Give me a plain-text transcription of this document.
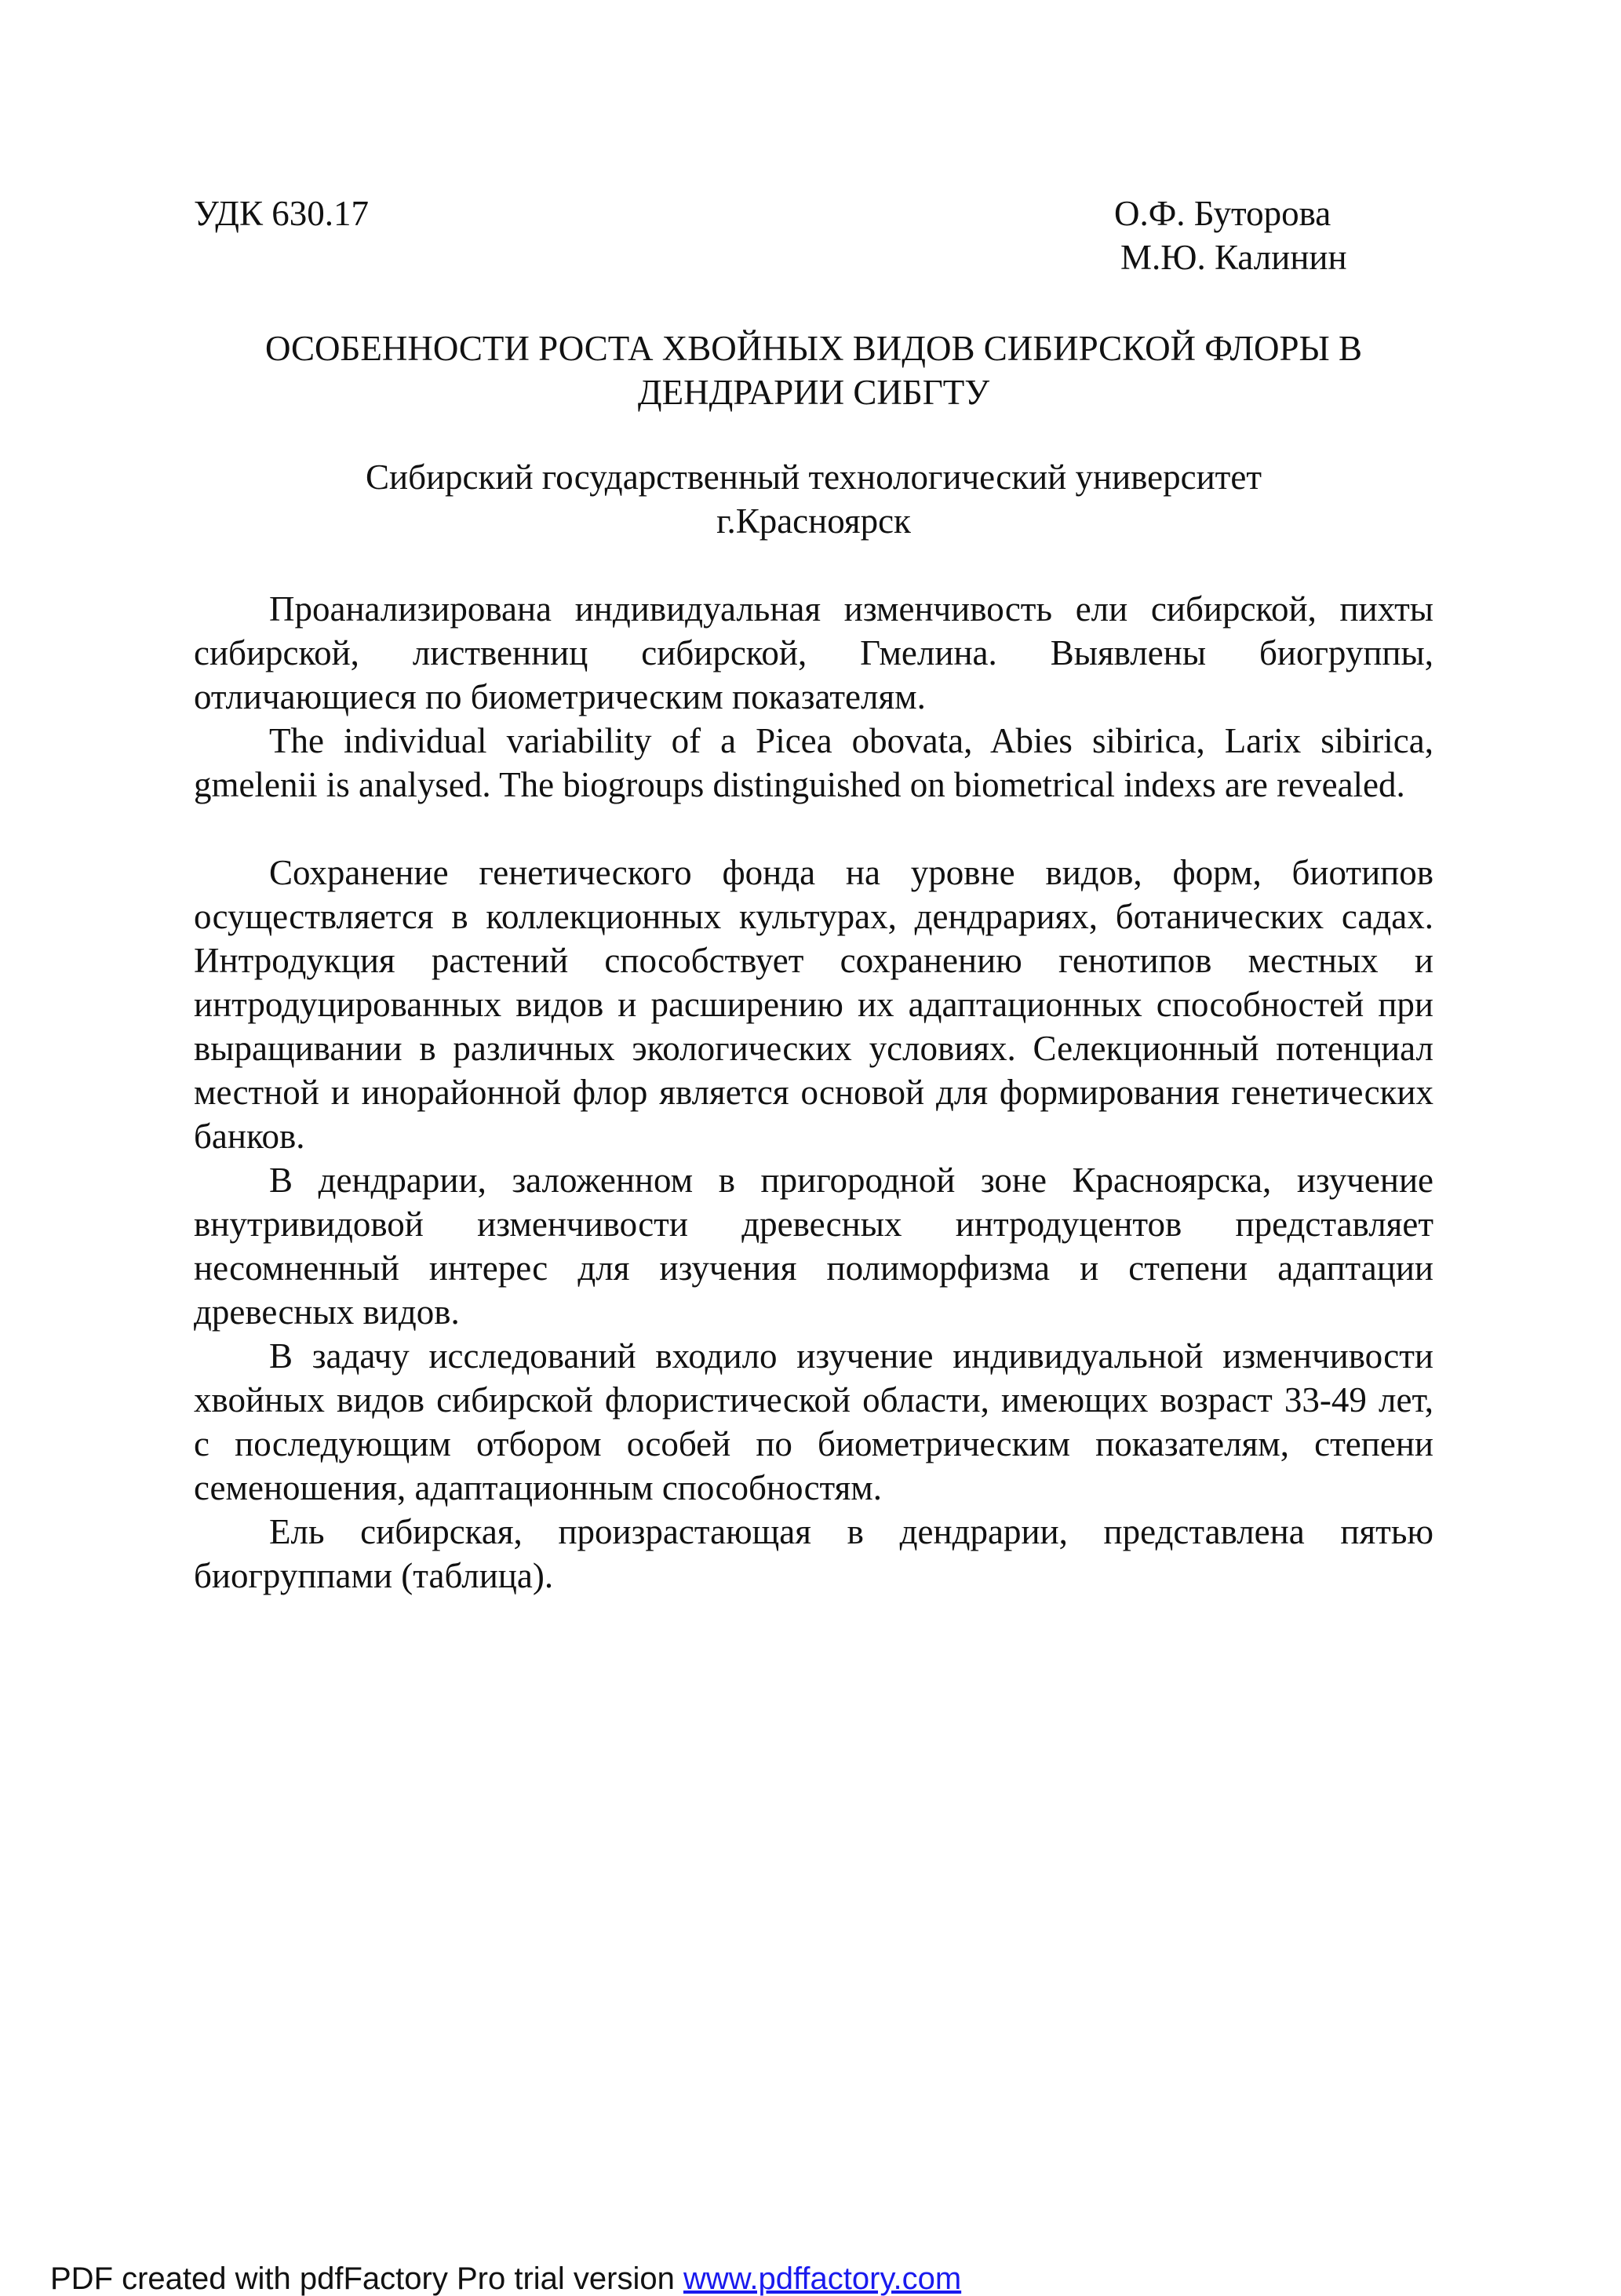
УДК 630.17	О.Ф. Буторова
М.Ю. Калинин
ОСОБЕННОСТИ РОСТА ХВОЙНЫХ ВИДОВ СИБИРСКОЙ ФЛОРЫ В
ДЕНДРАРИИ СИБГТУ
Сибирский государственный технологический университет
г.Красноярск

Проанализирована индивидуальная изменчивость ели сибирской, пихты сибирской, лиственниц сибирской, Гмелина. Выявлены биогруппы, отличающиеся по биометрическим показателям.

The individual variability of a Picea obovata, Abies sibirica, Larix sibirica, gmelenii is analysed. The biogroups distinguished on biometrical indexs are revealed.

Сохранение генетического фонда на уровне видов, форм, биотипов осуществляется в коллекционных культурах, дендрариях, ботанических садах. Интродукция растений способствует сохранению генотипов местных и интродуцированных видов и расширению их адаптационных способностей при выращивании в различных экологических условиях. Селекционный потенциал местной и инорайонной флор является основой для формирования генетических банков.

В дендрарии, заложенном в пригородной зоне Красноярска, изучение внутривидовой изменчивости древесных интродуцентов представляет несомненный интерес для изучения полиморфизма и степени адаптации древесных видов.

В задачу исследований входило изучение индивидуальной изменчивости хвойных видов сибирской флористической области, имеющих возраст 33-49 лет, с последующим отбором особей по биометрическим показателям, степени семеношения, адаптационным способностям.

Ель сибирская, произрастающая в дендрарии, представлена пятью биогруппами (таблица).

PDF created with pdfFactory Pro trial version www.pdffactory.com
